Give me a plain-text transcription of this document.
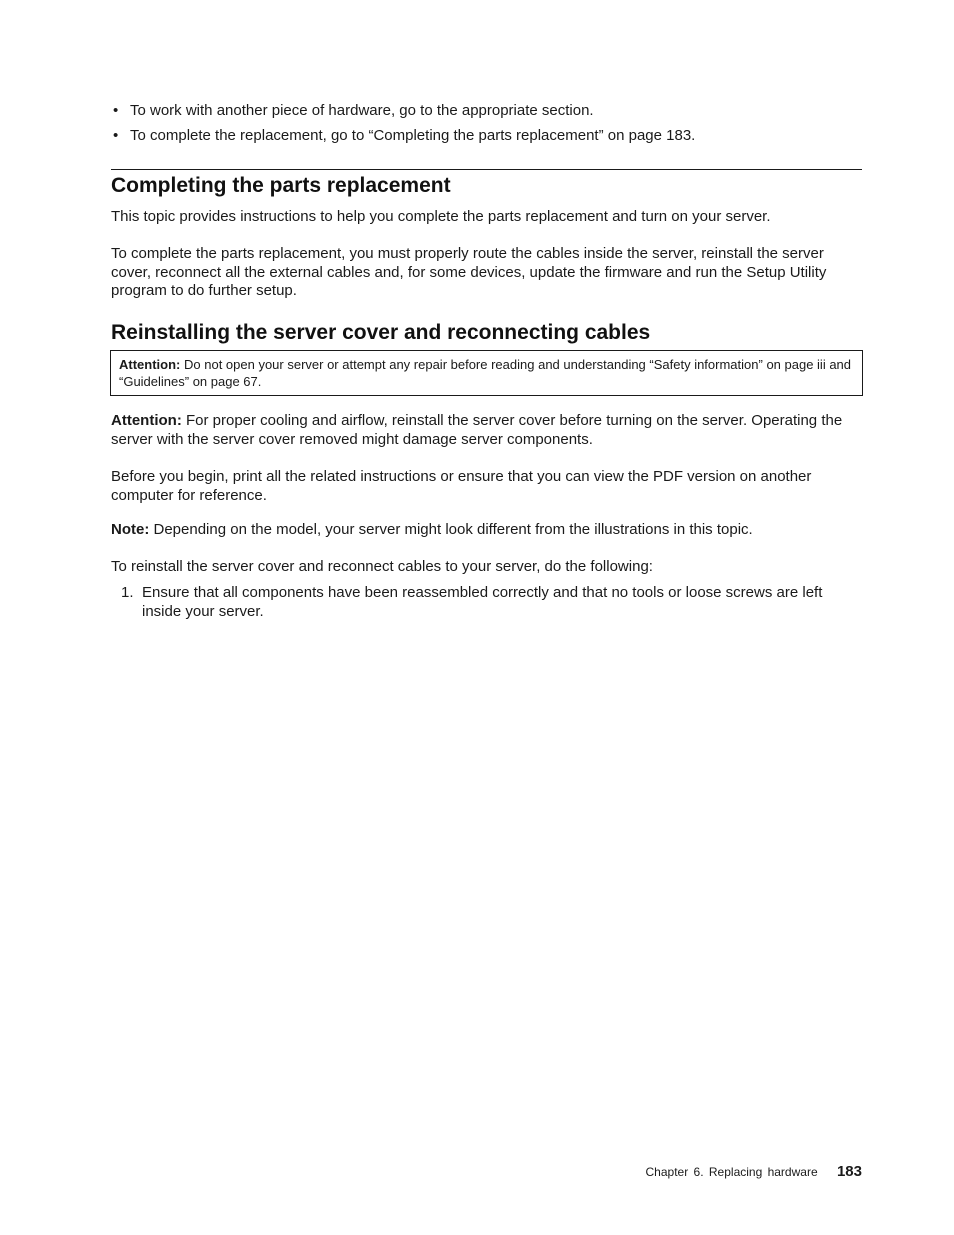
• To work with another piece of hardware, go to the appropriate section.
• To complete the replacement, go to “Completing the parts replacement” on page 183.
Completing the parts replacement

This topic provides instructions to help you complete the parts replacement and turn on your server.

To complete the parts replacement, you must properly route the cables inside the server, reinstall the server cover, reconnect all the external cables and, for some devices, update the firmware and run the Setup Utility program to do further setup.

Reinstalling the server cover and reconnecting cables
Attention: Do not open your server or attempt any repair before reading and understanding “Safety information” on page iii and “Guidelines” on page 67.

Attention: For proper cooling and airflow, reinstall the server cover before turning on the server. Operating the server with the server cover removed might damage server components.

Before you begin, print all the related instructions or ensure that you can view the PDF version on another computer for reference.

Note: Depending on the model, your server might look different from the illustrations in this topic.

To reinstall the server cover and reconnect cables to your server, do the following:

1. Ensure that all components have been reassembled correctly and that no tools or loose screws are left inside your server.
Chapter 6. Replacing hardware 183
